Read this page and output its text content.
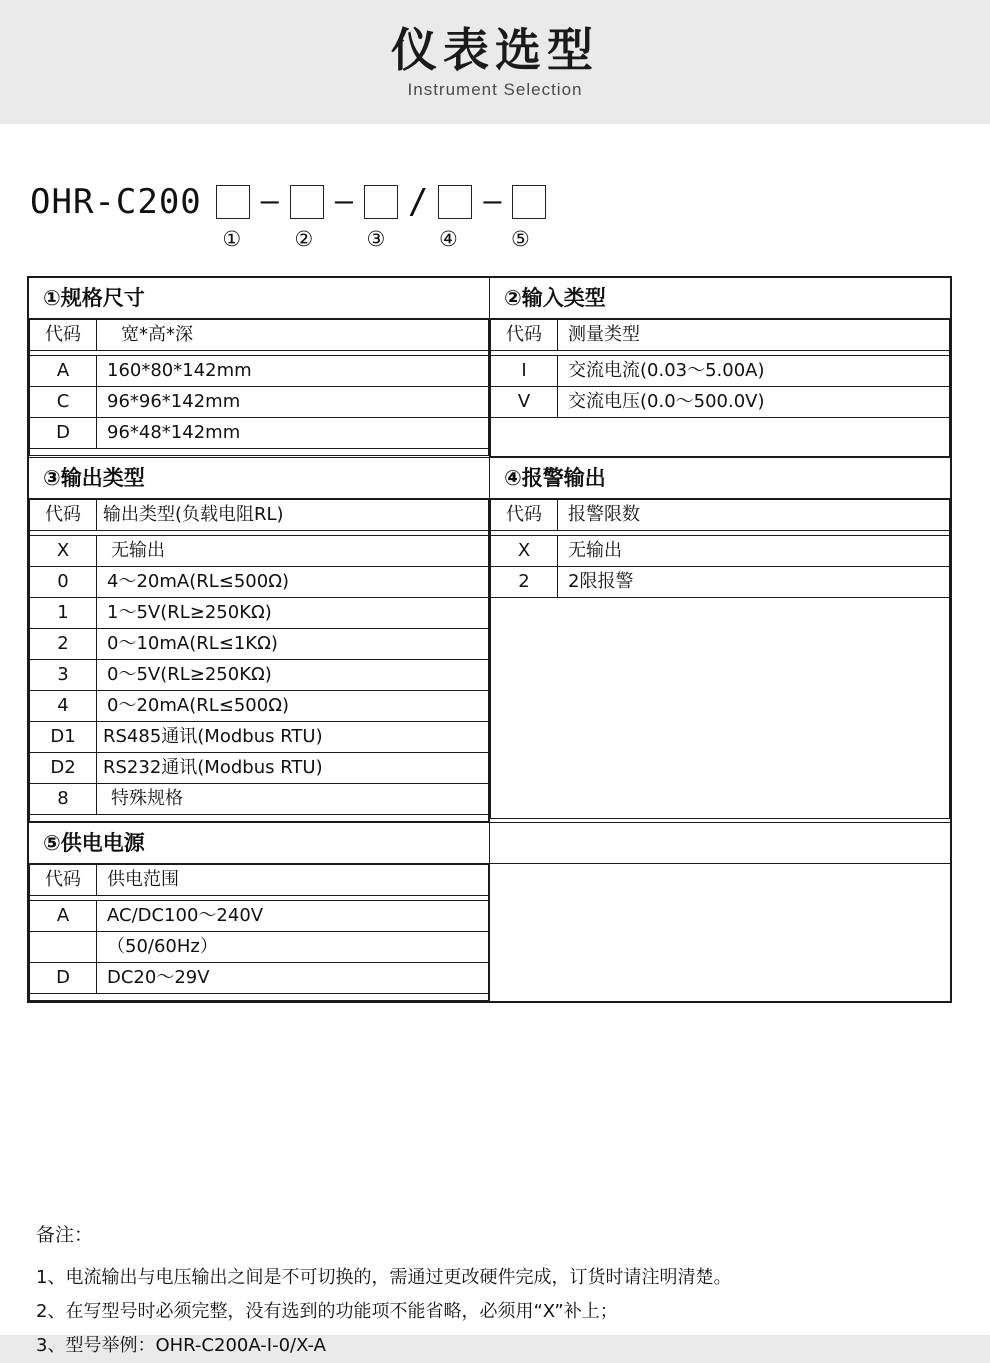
仪表选型
Instrument Selection
OHR-C200 – – / –
①	②	③	④	⑤
①规格尺寸	②输入类型

代码	宽*高*深

A	160*80*142mm
C	96*96*142mm
D	96*48*142mm

代码	测量类型

Ⅰ	交流电流(0.03～5.00A)
V	交流电压(0.0～500.0V)

③输出类型	④报警输出

代码	输出类型(负载电阻RL)

X	无输出
0	4～20mA(RL≤500Ω)
1	1～5V(RL≥250KΩ)
2	0～10mA(RL≤1KΩ)
3	0～5V(RL≥250KΩ)
4	0～20mA(RL≤500Ω)
D1	RS485通讯(Modbus RTU)
D2	RS232通讯(Modbus RTU)
8	特殊规格

代码	报警限数

X	无输出
2	2限报警

⑤供电电源

代码	供电范围

A	AC/DC100～240V
	（50/60Hz）
D	DC20～29V

备注：
1、电流输出与电压输出之间是不可切换的，需通过更改硬件完成，订货时请注明清楚。
2、在写型号时必须完整，没有选到的功能项不能省略，必须用“X”补上；
3、型号举例：OHR-C200A-I-0/X-A
